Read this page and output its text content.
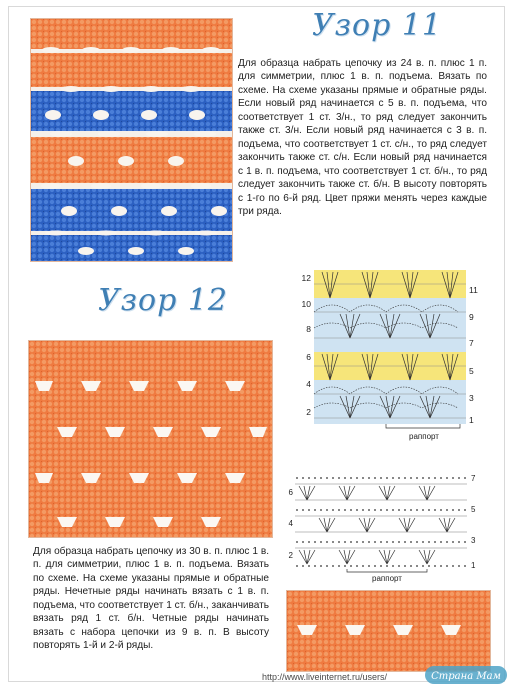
Узор 11

Для образца набрать цепочку из 24 в. п. плюс 1 п. для симметрии, плюс 1 в. п. подъема. Вязать по схеме. На схеме указаны прямые и обратные ряды. Если новый ряд начинается с 5 в. п. подъема, что соответствует 1 ст. 3/н., то ряд следует закончить также ст. 3/н. Если новый ряд начинается с 3 в. п. подъема, что соответствует 1 ст. с/н., то ряд следует закончить также ст. с/н. Если новый ряд начинается с 1 в. п. подъема, что соответствует 1 ст. б/н., то ряд следует закончить также ст. б/н. В высоту повторять с 1-го по 6-й ряд. Цвет пряжи менять через каждые три ряда.

12
10
8
6
4
2
11
9
7
5
3
1
раппорт
Узор 12

Для образца набрать цепочку из 30 в. п. плюс 1 в. п. для симметрии, плюс 1 в. п. подъема. Вязать по схеме. На схеме указаны прямые и обратные ряды. Нечетные ряды начинать вязать с 1 в. п. подъема, что соответствует 1 ст. б/н., заканчивать вязать ряд 1 ст. б/н. Четные ряды начинать вязать с набора цепочки из 9 в. п. В высоту повторять 1-й и 2-й ряды.

6
4
2
7
5
3
1
раппорт
http://www.liveinternet.ru/users/	Страна Мам
